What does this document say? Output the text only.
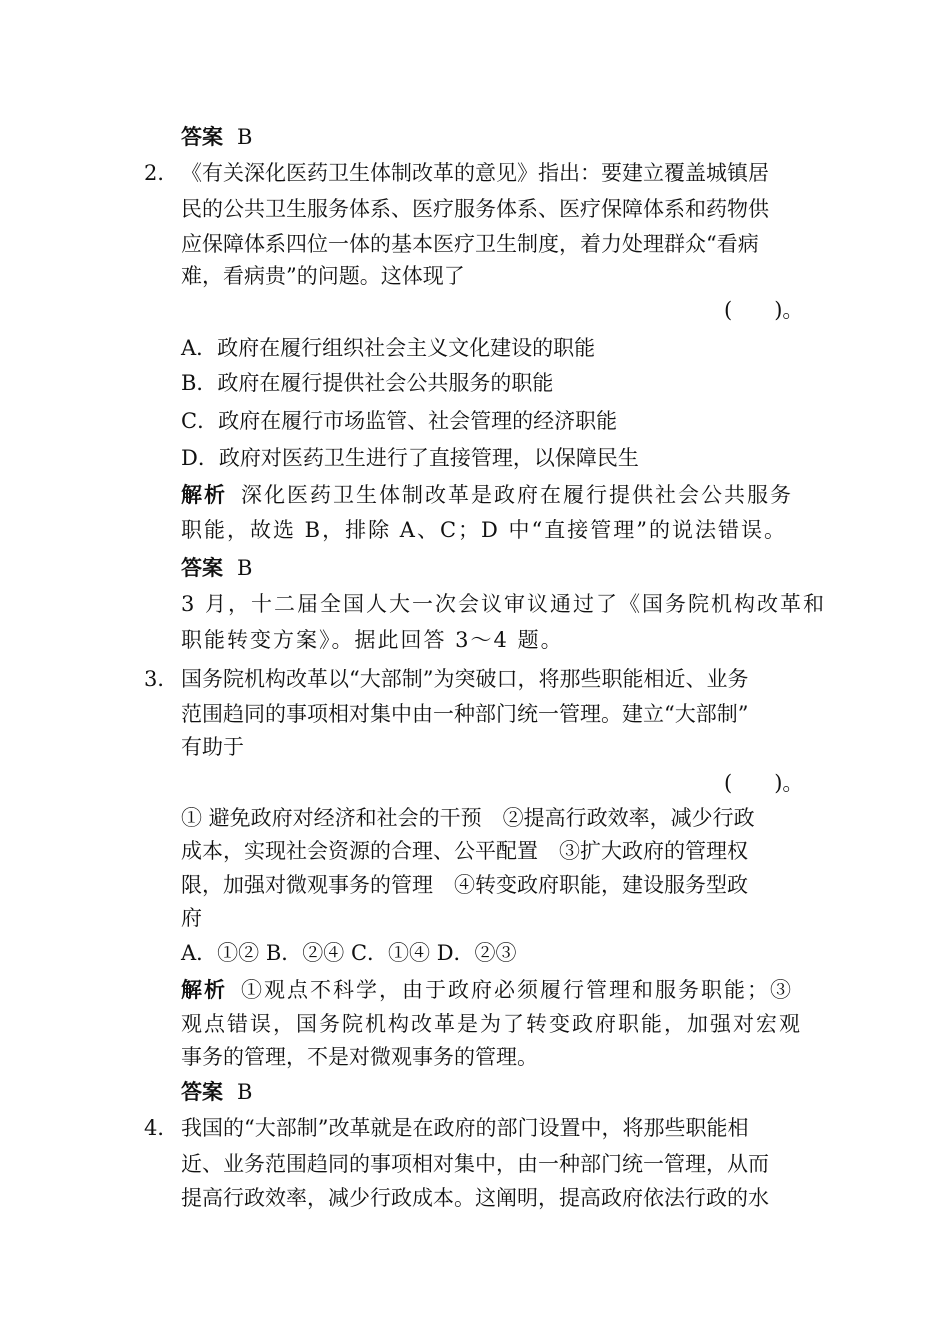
答案 B
2． 《有关深化医药卫生体制改革的意见》指出：要建立覆盖城镇居
民的公共卫生服务体系、医疗服务体系、医疗保障体系和药物供
应保障体系四位一体的基本医疗卫生制度，着力处理群众“看病
难，看病贵”的问题。这体现了
(　　)。
A．政府在履行组织社会主义文化建设的职能
B．政府在履行提供社会公共服务的职能
C．政府在履行市场监管、社会管理的经济职能
D．政府对医药卫生进行了直接管理，以保障民生
解析 深化医药卫生体制改革是政府在履行提供社会公共服务
职能，故选 B，排除 A、C；D 中“直接管理”的说法错误。
答案 B
3 月，十二届全国人大一次会议审议通过了《国务院机构改革和
职能转变方案》。据此回答 3～4 题。
3． 国务院机构改革以“大部制”为突破口，将那些职能相近、业务
范围趋同的事项相对集中由一种部门统一管理。建立“大部制”
有助于
(　　)。
① 避免政府对经济和社会的干预　②提高行政效率，减少行政
成本，实现社会资源的合理、公平配置　③扩大政府的管理权
限，加强对微观事务的管理　④转变政府职能，建设服务型政
府
A．①② B．②④ C．①④ D．②③
解析 ①观点不科学，由于政府必须履行管理和服务职能；③
观点错误，国务院机构改革是为了转变政府职能，加强对宏观
事务的管理，不是对微观事务的管理。
答案 B
4． 我国的“大部制”改革就是在政府的部门设置中，将那些职能相
近、业务范围趋同的事项相对集中，由一种部门统一管理，从而
提高行政效率，减少行政成本。这阐明，提高政府依法行政的水
